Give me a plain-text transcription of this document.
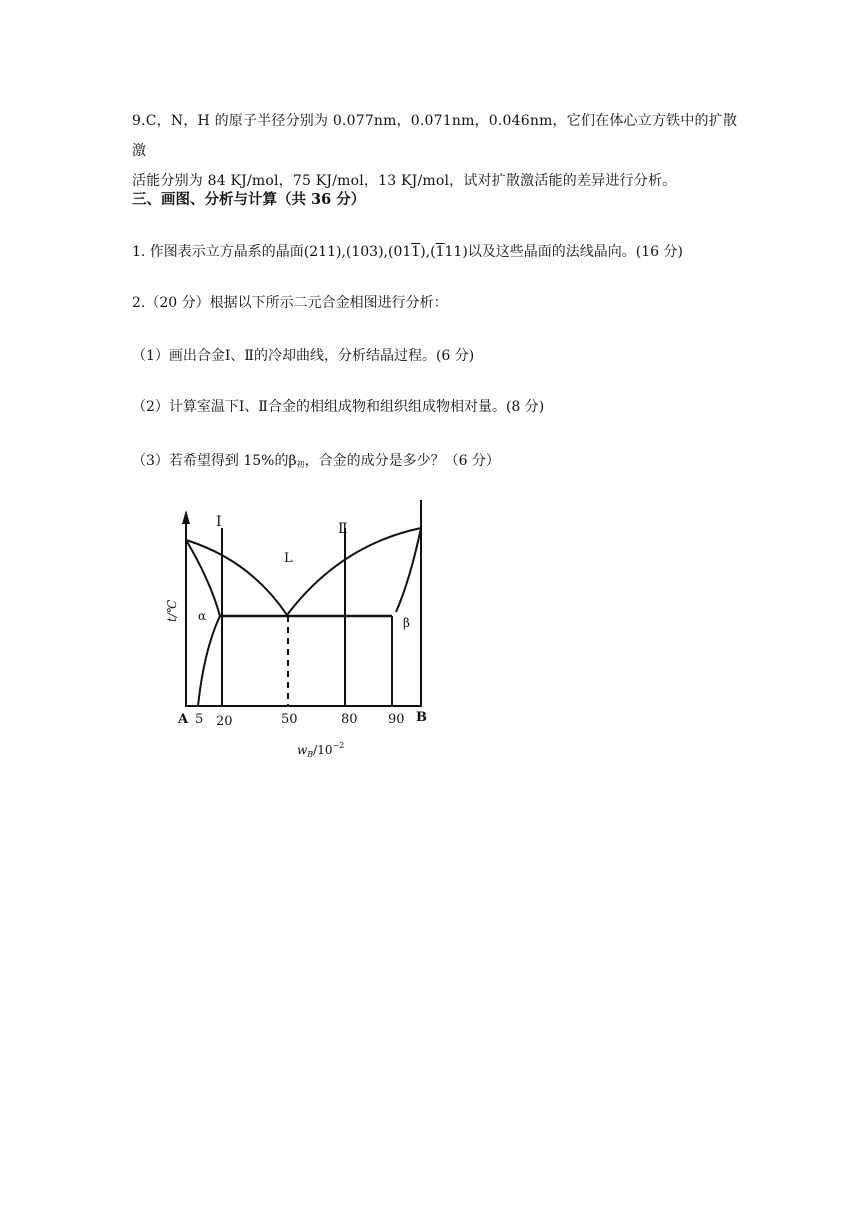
9.C，N，H 的原子半径分别为 0.077nm，0.071nm，0.046nm，它们在体心立方铁中的扩散激
活能分别为 84 KJ/mol，75 KJ/mol，13 KJ/mol，试对扩散激活能的差异进行分析。
三、画图、分析与计算（共 36 分）
1. 作图表示立方晶系的晶面(211),(103),(011),(111)以及这些晶面的法线晶向。(16 分)
2.（20 分）根据以下所示二元合金相图进行分析：
（1）画出合金Ⅰ、Ⅱ的冷却曲线，分析结晶过程。(6 分)
（2）计算室温下Ⅰ、Ⅱ合金的相组成物和组织组成物相对量。(8 分)
（3）若希望得到 15%的$\beta_初$，合金的成分是多少？（6 分）
Ⅰ	Ⅱ
L
α	β
t/℃
A 5 20	50	80 90 B
$w_B/10^{-2}$
